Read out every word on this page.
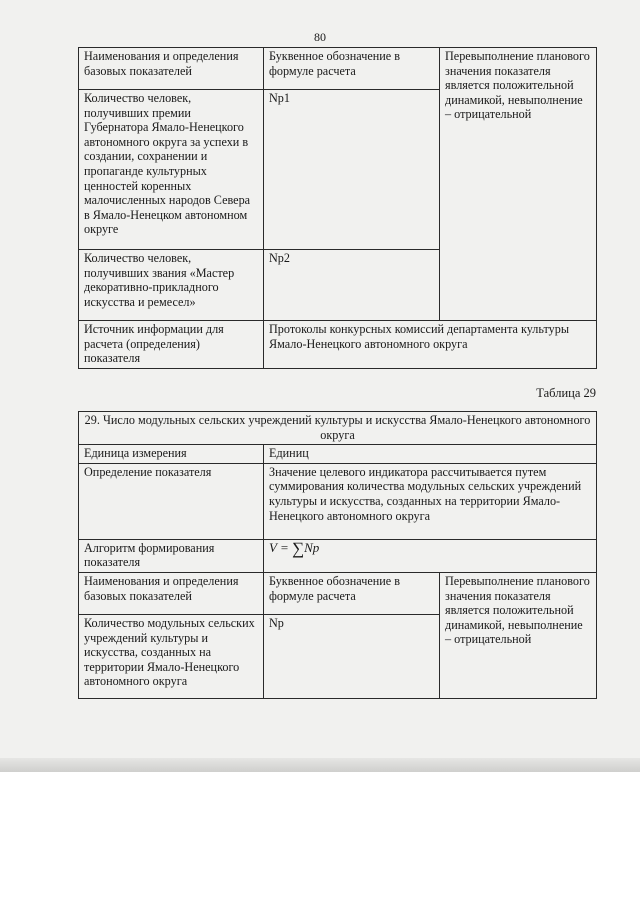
80
Наименования и определения базовых показателей	Буквенное обозначение в формуле расчета	Перевыполнение планового значения показателя является положительной динамикой, невыполнение – отрицательной
Количество человек, получивших премии Губернатора Ямало-Ненецкого автономного округа за успехи в создании, сохранении и пропаганде культурных ценностей коренных малочисленных народов Севера в Ямало-Ненецком автономном округе	Np1	
Количество человек, получивших звания «Мастер декоративно-прикладного искусства и ремесел»	Np2	
Источник информации для расчета (определения) показателя	Протоколы конкурсных комиссий департамента культуры Ямало-Ненецкого автономного округа	
Таблица 29
29. Число модульных сельских учреждений культуры и искусства Ямало-Ненецкого автономного округа		
Единица измерения	Единиц	
Определение показателя	Значение целевого индикатора рассчитывается путем суммирования количества модульных сельских учреждений культуры и искусства, созданных на территории Ямало-Ненецкого автономного округа	
Алгоритм формирования показателя	V = ∑Np	
Наименования и определения базовых показателей	Буквенное обозначение в формуле расчета	Перевыполнение планового значения показателя является положительной динамикой, невыполнение – отрицательной
Количество модульных сельских учреждений культуры и искусства, созданных на территории Ямало-Ненецкого автономного округа	Np	
